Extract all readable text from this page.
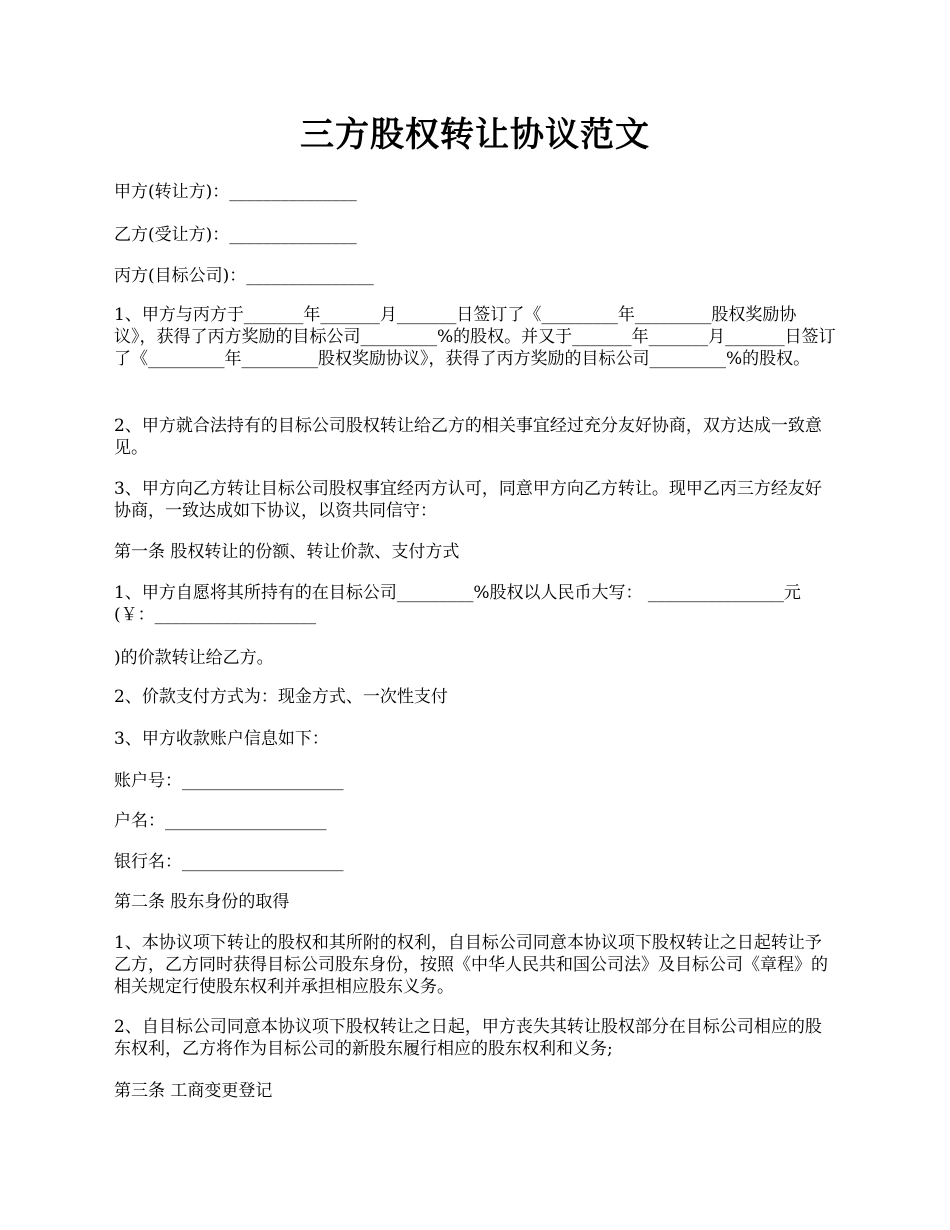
三方股权转让协议范文
甲方(转让方)：_______________
乙方(受让方)：_______________
丙方(目标公司)：_______________
1、甲方与丙方于_______年_______月_______日签订了《_________年_________股权奖励协议》，获得了丙方奖励的目标公司_________%的股权。并又于_______年_______月_______日签订了《_________年_________股权奖励协议》，获得了丙方奖励的目标公司_________%的股权。
2、甲方就合法持有的目标公司股权转让给乙方的相关事宜经过充分友好协商，双方达成一致意见。
3、甲方向乙方转让目标公司股权事宜经丙方认可，同意甲方向乙方转让。现甲乙丙三方经友好协商，一致达成如下协议，以资共同信守：
第一条 股权转让的份额、转让价款、支付方式
1、甲方自愿将其所持有的在目标公司_________%股权以人民币大写： ________________元(￥：___________________
)的价款转让给乙方。
2、价款支付方式为：现金方式、一次性支付
3、甲方收款账户信息如下：
账户号：___________________
户名：___________________
银行名：___________________
第二条 股东身份的取得
1、本协议项下转让的股权和其所附的权利，自目标公司同意本协议项下股权转让之日起转让予乙方，乙方同时获得目标公司股东身份，按照《中华人民共和国公司法》及目标公司《章程》的相关规定行使股东权利并承担相应股东义务。
2、自目标公司同意本协议项下股权转让之日起，甲方丧失其转让股权部分在目标公司相应的股东权利，乙方将作为目标公司的新股东履行相应的股东权利和义务;
第三条 工商变更登记
